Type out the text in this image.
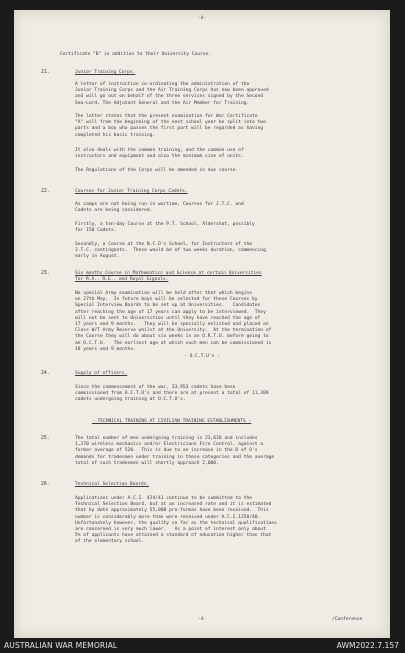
-4-
Certificate "B" in addition to their University Course.
21.	Junior Training Corps.
A letter of instruction co-ordinating the administration of the
Junior Training Corps and the Air Training Corps has now been approved
and will go out on behalf of the three services signed by the Second
Sea-Lord, The Adjutant General and the Air Member for Training.
The letter states that the present examination for War Certificate
"A" will from the beginning of the next school year be split into two
parts and a boy who passes the first part will be regarded as having
completed his basic training.
It also deals with the common training, and the common use of
instructors and equipment and also the minimum size of units.
The Regulations of the Corps will be amended in due course.
22.	Courses for Junior Training Corps Cadets.
As camps are not being run in wartime, Courses for J.T.C. and
Cadets are being considered.
Firstly, a ten-day Course at the P.T. School, Aldershot, possibly
for 150 Cadets.
Secondly, a Course at the N.C.O's School, for Instructors of the
J.T.C. contingents.  These would be of two weeks duration, commencing
early in August.
23.	Six months Course in Mathematics and Science at certain Universities
for R.A., R.E., and Royal Signals.
No special Army examination will be held after that which begins
on 27th May.  In future boys will be selected for these Courses by
Special Interview Boards to be set up at Universities.   Candidates
after reaching the age of 17 years can apply to be interviewed.  They
will not be sent to Universities until they have reached the age of
17 years and 9 months.   They will be specially enlisted and placed on
Class W/T Army Reserve whilst at the University.  At the termination of
the Course they will do about six weeks in an O.R.T.U. before going to
an O.C.T.U.   The earliest age at which such men can be commissioned is
18 years and 9 months.
- O.C.T.U's -
24.	Supply of officers.
Since the commencement of the war, 33,953 cadets have been
commissioned from O.C.T.U's and there are at present a total of 11,309
cadets undergoing training at O.C.T.U's.
- TECHNICAL TRAINING AT CIVILIAN TRAINING ESTABLISHMENTS -
25.	The total number of men undergoing training is 23,618 and includes
1,270 wireless mechanics and/or Electricians Fire Control, against a
former average of 520.  This is due to an increase in the D of O's
demands for tradesmen under training in these categories and the average
total of such tradesmen will shortly approach 2,000.
26.	Technical Selection Boards.
Applications under A.C.I. 424/41 continue to be submitted to the
Technical Selection Board, but at an increased rate and it is estimated
that by date approximately 55,000 pro-formas have been received.  This
number is considerably more than were received under A.C.I.1258/40.
Unfortunately however, the quality so far as the technical qualifications
are concerned is very much lower.   As a point of interest only about
5% of applicants have attained a standard of education higher than that
of the elementary school.
-4-	/Conference
AUSTRALIAN WAR MEMORIAL	AWM2022.7.157
